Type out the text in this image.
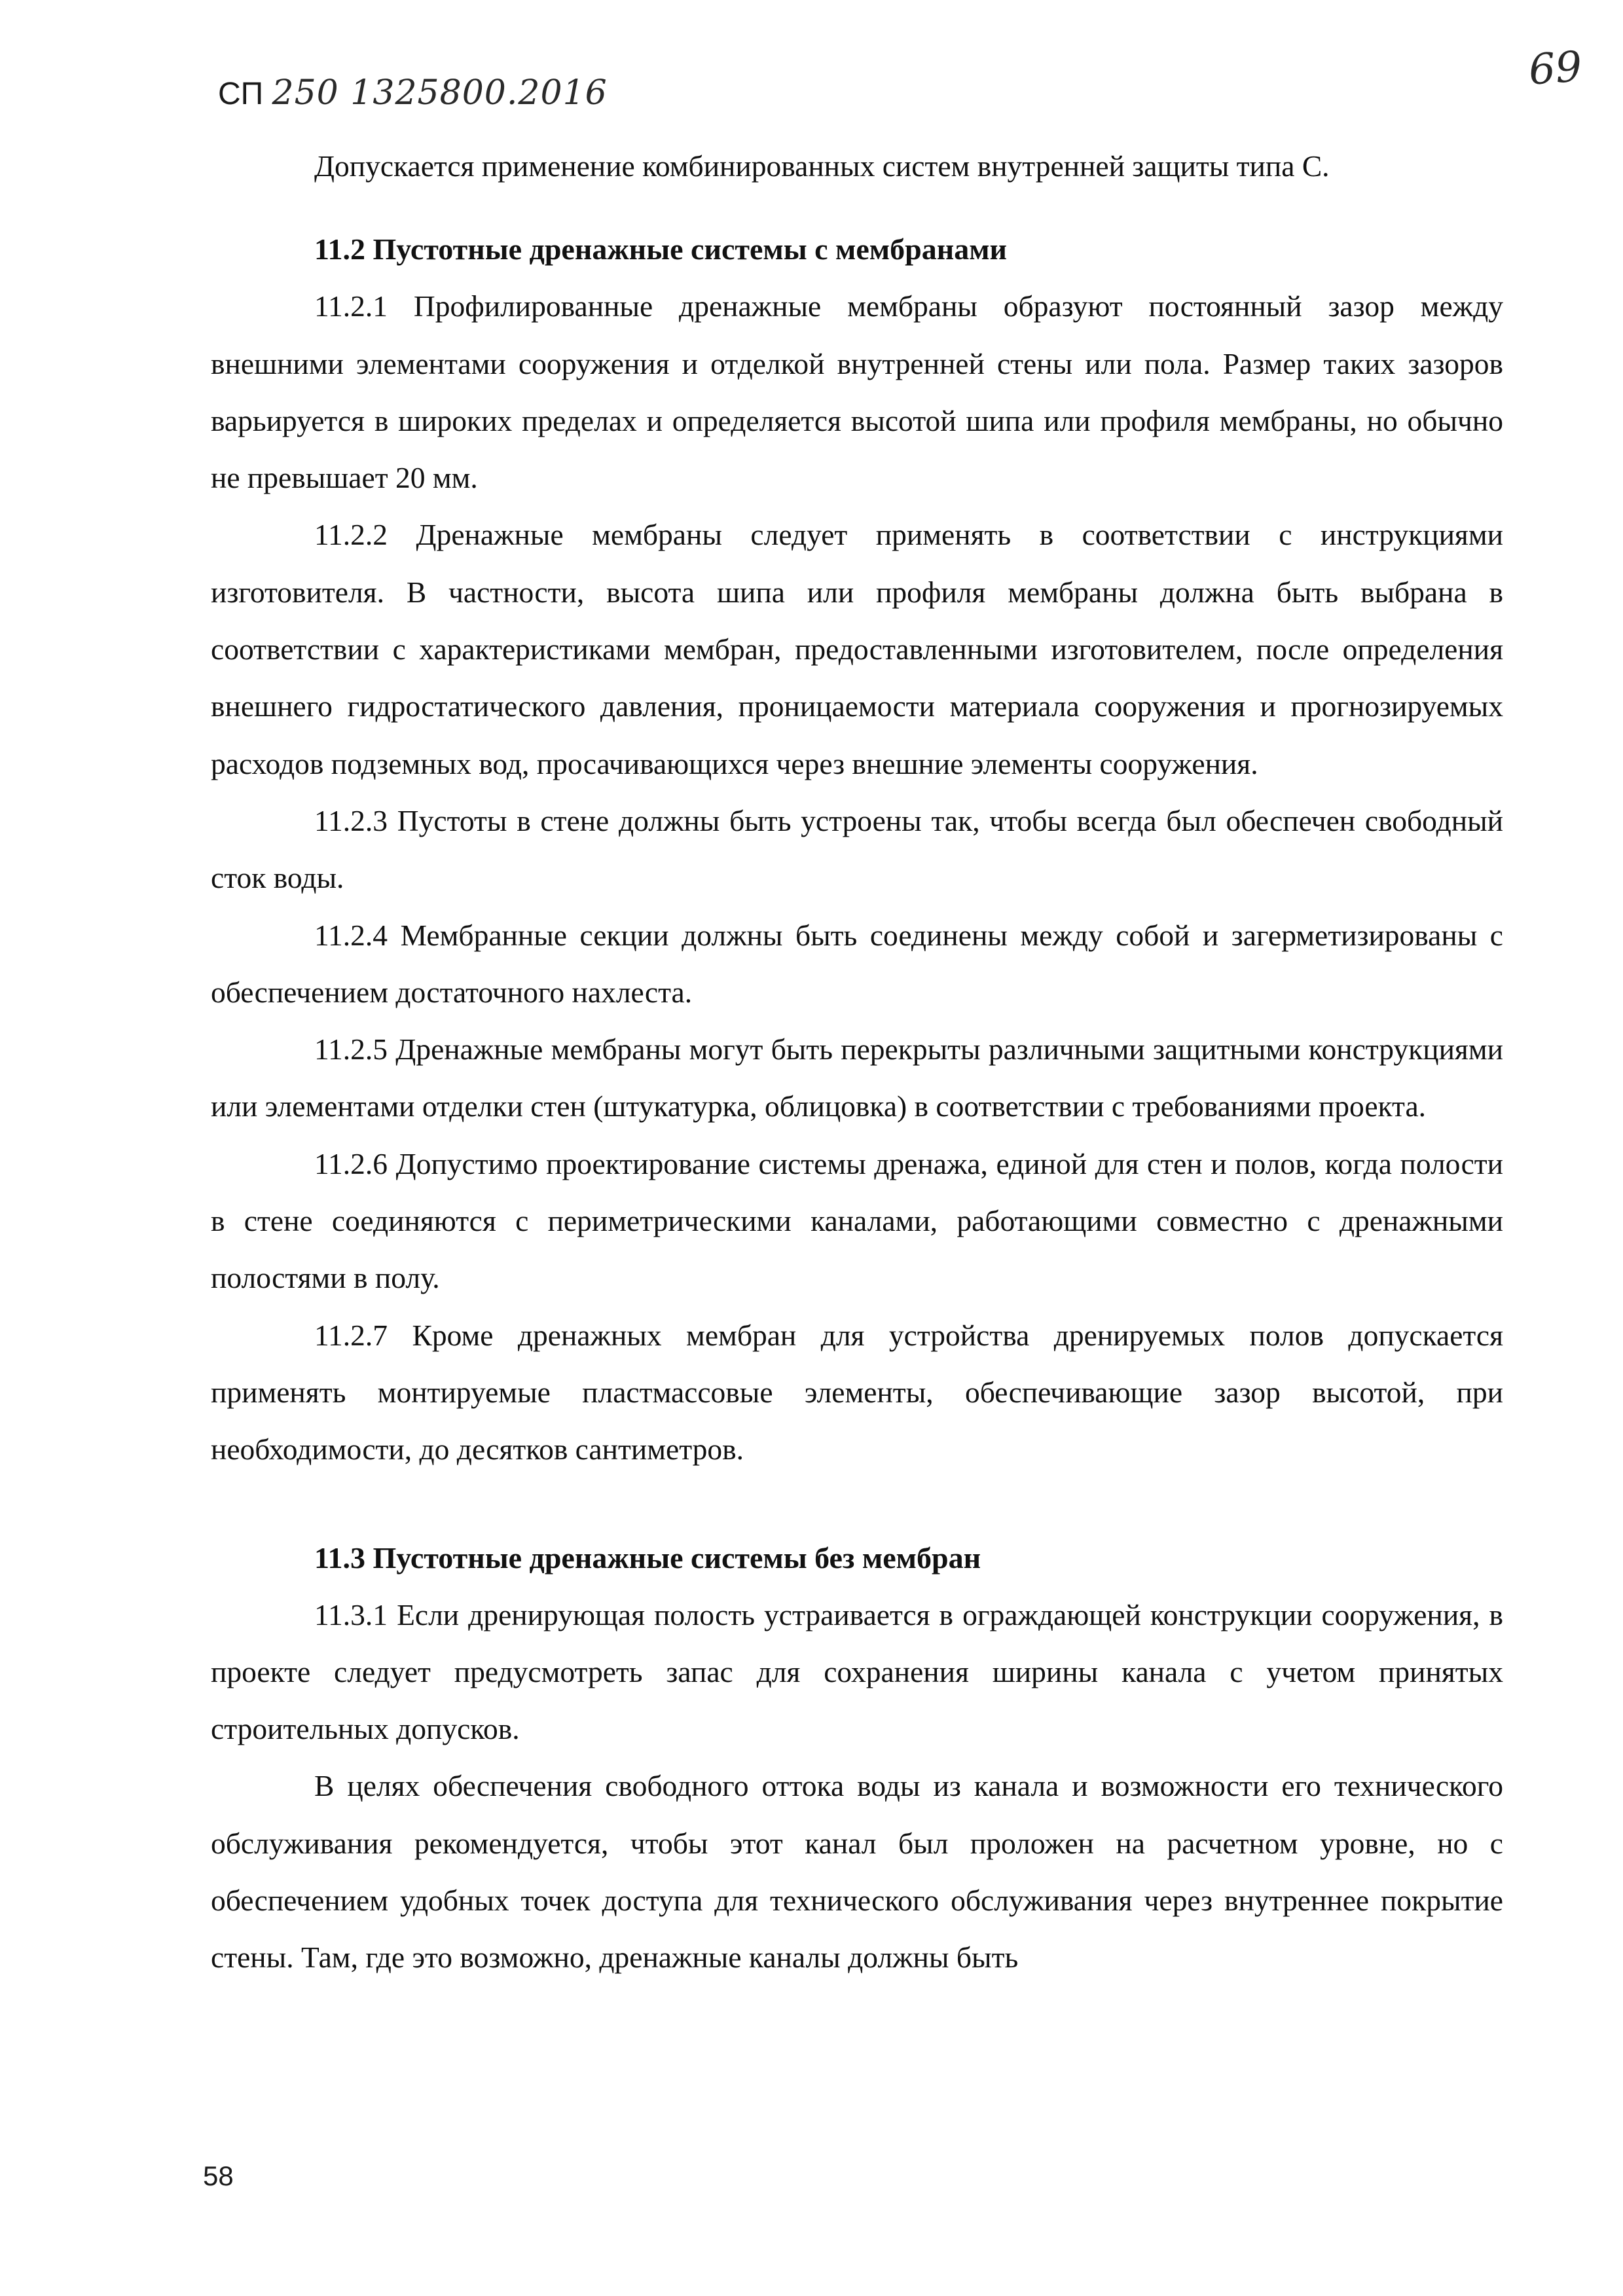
СП 250 1325800.2016	69

Допускается применение комбинированных систем внутренней защиты типа С.

11.2 Пустотные дренажные системы с мембранами

11.2.1 Профилированные дренажные мембраны образуют постоянный зазор между внешними элементами сооружения и отделкой внутренней стены или пола. Размер таких зазоров варьируется в широких пределах и определяется высотой шипа или профиля мембраны, но обычно не превышает 20 мм.

11.2.2 Дренажные мембраны следует применять в соответствии с инструкциями изготовителя. В частности, высота шипа или профиля мембраны должна быть выбрана в соответствии с характеристиками мембран, предоставленными изготовителем, после определения внешнего гидростатического давления, проницаемости материала сооружения и прогнозируемых расходов подземных вод, просачивающихся через внешние элементы сооружения.

11.2.3 Пустоты в стене должны быть устроены так, чтобы всегда был обеспечен свободный сток воды.

11.2.4 Мембранные секции должны быть соединены между собой и загерметизированы с обеспечением достаточного нахлеста.

11.2.5 Дренажные мембраны могут быть перекрыты различными защитными конструкциями или элементами отделки стен (штукатурка, облицовка) в соответствии с требованиями проекта.

11.2.6 Допустимо проектирование системы дренажа, единой для стен и полов, когда полости в стене соединяются с периметрическими каналами, работающими совместно с дренажными полостями в полу.

11.2.7 Кроме дренажных мембран для устройства дренируемых полов допускается применять монтируемые пластмассовые элементы, обеспечивающие зазор высотой, при необходимости, до десятков сантиметров.

11.3 Пустотные дренажные системы без мембран

11.3.1 Если дренирующая полость устраивается в ограждающей конструкции сооружения, в проекте следует предусмотреть запас для сохранения ширины канала с учетом принятых строительных допусков.

В целях обеспечения свободного оттока воды из канала и возможности его технического обслуживания рекомендуется, чтобы этот канал был проложен на расчетном уровне, но с обеспечением удобных точек доступа для технического обслуживания через внутреннее покрытие стены. Там, где это возможно, дренажные каналы должны быть

58
